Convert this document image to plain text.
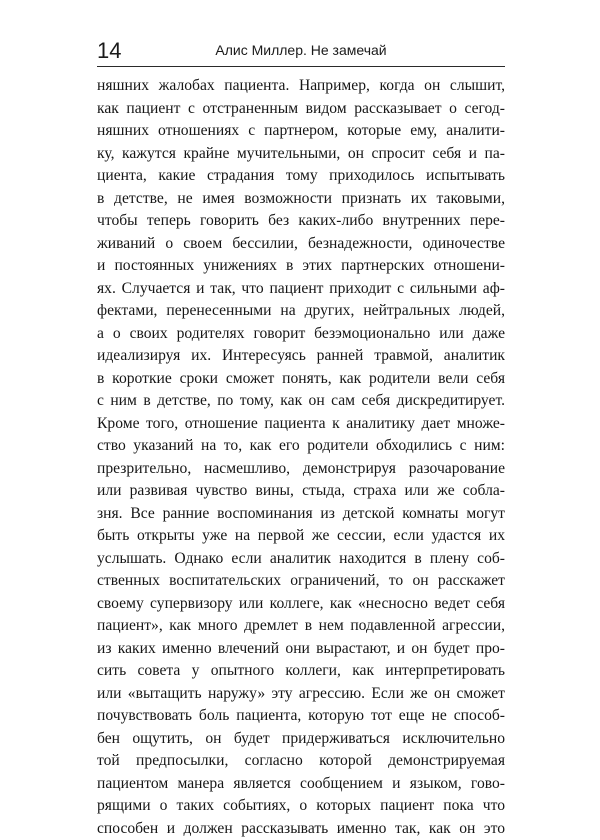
14	Алис Миллер. Не замечай
няшних жалобах пациента. Например, когда он слышит,
как пациент с отстраненным видом рассказывает о сегод-
няшних отношениях с партнером, которые ему, аналити-
ку, кажутся крайне мучительными, он спросит себя и па-
циента, какие страдания тому приходилось испытывать
в детстве, не имея возможности признать их таковыми,
чтобы теперь говорить без каких-либо внутренних пере-
живаний о своем бессилии, безнадежности, одиночестве
и постоянных унижениях в этих партнерских отношени-
ях. Случается и так, что пациент приходит с сильными аф-
фектами, перенесенными на других, нейтральных людей,
а о своих родителях говорит безэмоционально или даже
идеализируя их. Интересуясь ранней травмой, аналитик
в короткие сроки сможет понять, как родители вели себя
с ним в детстве, по тому, как он сам себя дискредитирует.
Кроме того, отношение пациента к аналитику дает множе-
ство указаний на то, как его родители обходились с ним:
презрительно, насмешливо, демонстрируя разочарование
или развивая чувство вины, стыда, страха или же собла-
зня. Все ранние воспоминания из детской комнаты могут
быть открыты уже на первой же сессии, если удастся их
услышать. Однако если аналитик находится в плену соб-
ственных воспитательских ограничений, то он расскажет
своему супервизору или коллеге, как «несносно ведет себя
пациент», как много дремлет в нем подавленной агрессии,
из каких именно влечений они вырастают, и он будет про-
сить совета у опытного коллеги, как интерпретировать
или «вытащить наружу» эту агрессию. Если же он сможет
почувствовать боль пациента, которую тот еще не способ-
бен ощутить, он будет придерживаться исключительно
той предпосылки, согласно которой демонстрируемая
пациентом манера является сообщением и языком, гово-
рящими о таких событиях, о которых пациент пока что
способен и должен рассказывать именно так, как он это
